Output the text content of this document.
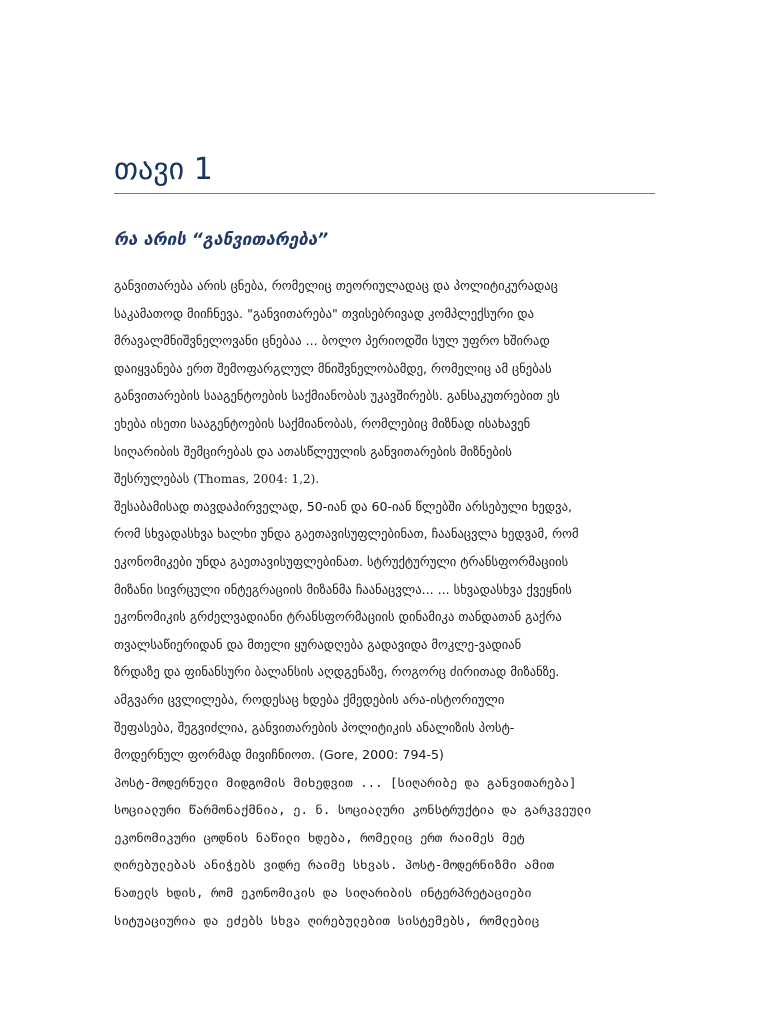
თავი 1
რა არის “განვითარება”
განვითარება არის ცნება, რომელიც თეორიულადაც და პოლიტიკურადაც
საკამათოდ მიიჩნევა. "განვითარება" თვისებრივად კომპლექსური და
მრავალმნიშვნელოვანი ცნებაა ... ბოლო პერიოდში სულ უფრო ხშირად
დაიყვანება ერთ შემოფარგლულ მნიშვნელობამდე, რომელიც ამ ცნებას
განვითარების სააგენტოების საქმიანობას უკავშირებს. განსაკუთრებით ეს
ეხება ისეთი სააგენტოების საქმიანობას, რომლებიც მიზნად ისახავენ
სიღარიბის შემცირებას და ათასწლეულის განვითარების მიზნების
შესრულებას (Thomas, 2004: 1,2).
შესაბამისად თავდაპირველად, 50-იან და 60-იან წლებში არსებული ხედვა,
რომ სხვადასხვა ხალხი უნდა გაეთავისუფლებინათ, ჩაანაცვლა ხედვამ, რომ
ეკონომიკები უნდა გაეთავისუფლებინათ. სტრუქტურული ტრანსფორმაციის
მიზანი სივრცული ინტეგრაციის მიზანმა ჩაანაცვლა... ... სხვადასხვა ქვეყნის
ეკონომიკის გრძელვადიანი ტრანსფორმაციის დინამიკა თანდათან გაქრა
თვალსაწიერიდან და მთელი ყურადღება გადავიდა მოკლე-ვადიან
ზრდაზე და ფინანსური ბალანსის აღდგენაზე, როგორც ძირითად მიზანზე.
ამგვარი ცვლილება, როდესაც ხდება ქმედების არა-ისტორიული
შეფასება, შეგვიძლია, განვითარების პოლიტიკის ანალიზის პოსტ-
მოდერნულ ფორმად მივიჩნიოთ. (Gore, 2000: 794-5)
პოსტ-მოდერნული მიდგომის მიხედვით ... [სიღარიბე და განვითარება]
სოციალური წარმონაქმნია, ე. ნ. სოციალური კონსტრუქტია და გარკვეული
ეკონომიკური ცოდნის ნაწილი ხდება, რომელიც ერთ რაიმეს მეტ
ღირებულებას ანიჭებს ვიდრე რაიმე სხვას. პოსტ-მოდერნიზმი ამით
ნათელს ხდის, რომ ეკონომიკის და სიღარიბის ინტერპრეტაციები
სიტუაციურია და ეძებს სხვა ღირებულებით სისტემებს, რომლებიც
